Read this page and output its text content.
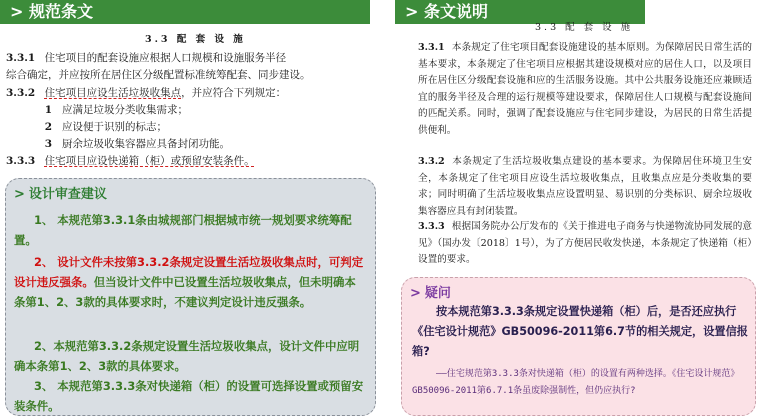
> 规范条文
3.3 配 套 设 施
3.3.1 住宅项目的配套设施应根据人口规模和设施服务半径
综合确定，并应按所在居住区分级配置标准统筹配套、同步建设。
3.3.2 住宅项目应设生活垃圾收集点，并应符合下列规定：
1 应满足垃圾分类收集需求；
2 应设便于识别的标志；
3 厨余垃圾收集容器应具备封闭功能。
3.3.3 住宅项目应设快递箱（柜）或预留安装条件。
> 设计审查建议
1、 本规范第3.3.1条由城规部门根据城市统一规划要求统筹配置。
2、 设计文件未按第3.3.2条规定设置生活垃圾收集点时，可判定设计违反强条。但当设计文件中已设置生活垃圾收集点，但未明确本条第1、2、3款的具体要求时，不建议判定设计违反强条。
2、本规范第3.3.2条规定设置生活垃圾收集点，设计文件中应明确本条第1、2、3款的具体要求。
3、 本规范第3.3.3条对快递箱（柜）的设置可选择设置或预留安装条件。
> 条文说明
3.3 配 套 设 施
3.3.1 本条规定了住宅项目配套设施建设的基本原则。为保障居民日常生活的基本要求，本条规定了住宅项目应根据其建设规模对应的居住人口，以及项目所在居住区分级配套设施和应的生活服务设施。其中公共服务设施还应兼顾适宜的服务半径及合理的运行规模等建设要求，保障居住人口规模与配套设施间的匹配关系。同时，强调了配套设施应与住宅同步建设，为居民的日常生活提供便利。
3.3.2 本条规定了生活垃圾收集点建设的基本要求。为保障居住环境卫生安全，本条规定了住宅项目应设生活垃圾收集点，且收集点应是分类收集的要求；同时明确了生活垃圾收集点应设置明显、易识别的分类标识、厨余垃圾收集容器应具有封闭装置。
3.3.3 根据国务院办公厅发布的《关于推进电子商务与快递物流协同发展的意见》（国办发〔2018〕1号），为了方便居民收发快递，本条规定了快递箱（柜）设置的要求。
> 疑问
按本规范第3.3.3条规定设置快递箱（柜）后，是否还应执行《住宅设计规范》GB50096-2011第6.7节的相关规定，设置信报箱?
——住宅规范第3.3.3条对快递箱（柜）的设置有两种选择。《住宅设计规范》GB50096-2011第6.7.1条虽废除强制性，但仍应执行?
